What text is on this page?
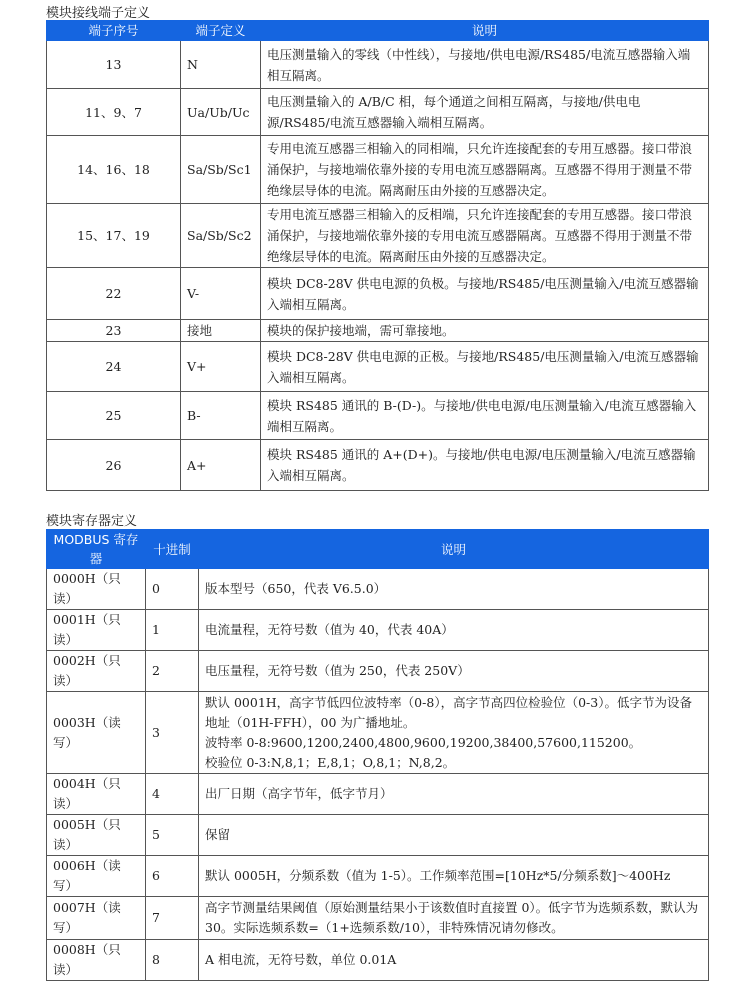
模块接线端子定义
端子序号	端子定义	说明
13	N	电压测量输入的零线（中性线），与接地/供电电源/RS485/电流互感器输入端相互隔离。
11、9、7	Ua/Ub/Uc	电压测量输入的 A/B/C 相，每个通道之间相互隔离，与接地/供电电源/RS485/电流互感器输入端相互隔离。
14、16、18	Sa/Sb/Sc1	专用电流互感器三相输入的同相端，只允许连接配套的专用互感器。接口带浪涌保护，与接地端依靠外接的专用电流互感器隔离。互感器不得用于测量不带绝缘层导体的电流。隔离耐压由外接的互感器决定。
15、17、19	Sa/Sb/Sc2	专用电流互感器三相输入的反相端，只允许连接配套的专用互感器。接口带浪涌保护，与接地端依靠外接的专用电流互感器隔离。互感器不得用于测量不带绝缘层导体的电流。隔离耐压由外接的互感器决定。
22	V-	模块 DC8-28V 供电电源的负极。与接地/RS485/电压测量输入/电流互感器输入端相互隔离。
23	接地	模块的保护接地端，需可靠接地。
24	V+	模块 DC8-28V 供电电源的正极。与接地/RS485/电压测量输入/电流互感器输入端相互隔离。
25	B-	模块 RS485 通讯的 B-(D-)。与接地/供电电源/电压测量输入/电流互感器输入端相互隔离。
26	A+	模块 RS485 通讯的 A+(D+)。与接地/供电电源/电压测量输入/电流互感器输入端相互隔离。
模块寄存器定义
MODBUS 寄存器	十进制	说明
0000H（只读）	0	版本型号（650，代表 V6.5.0）

0001H（只读）	1	电流量程，无符号数（值为 40，代表 40A）

0002H（只读）	2	电压量程，无符号数（值为 250，代表 250V）

0003H（读写）	3	默认 0001H，高字节低四位波特率（0-8），高字节高四位检验位（0-3）。低字节为设备地址（01H-FFH），00 为广播地址。
波特率 0-8:9600,1200,2400,4800,9600,19200,38400,57600,115200。
校验位 0-3:N,8,1；E,8,1；O,8,1；N,8,2。

0004H（只读）	4	出厂日期（高字节年，低字节月）

0005H（只读）	5	保留

0006H（读写）	6	默认 0005H，分频系数（值为 1-5）。工作频率范围=[10Hz*5/分频系数]～400Hz

0007H（读写）	7	高字节测量结果阈值（原始测量结果小于该数值时直接置 0）。低字节为选频系数，默认为 30。实际选频系数=（1+选频系数/10），非特殊情况请勿修改。

0008H（只读）	8	A 相电流，无符号数，单位 0.01A
